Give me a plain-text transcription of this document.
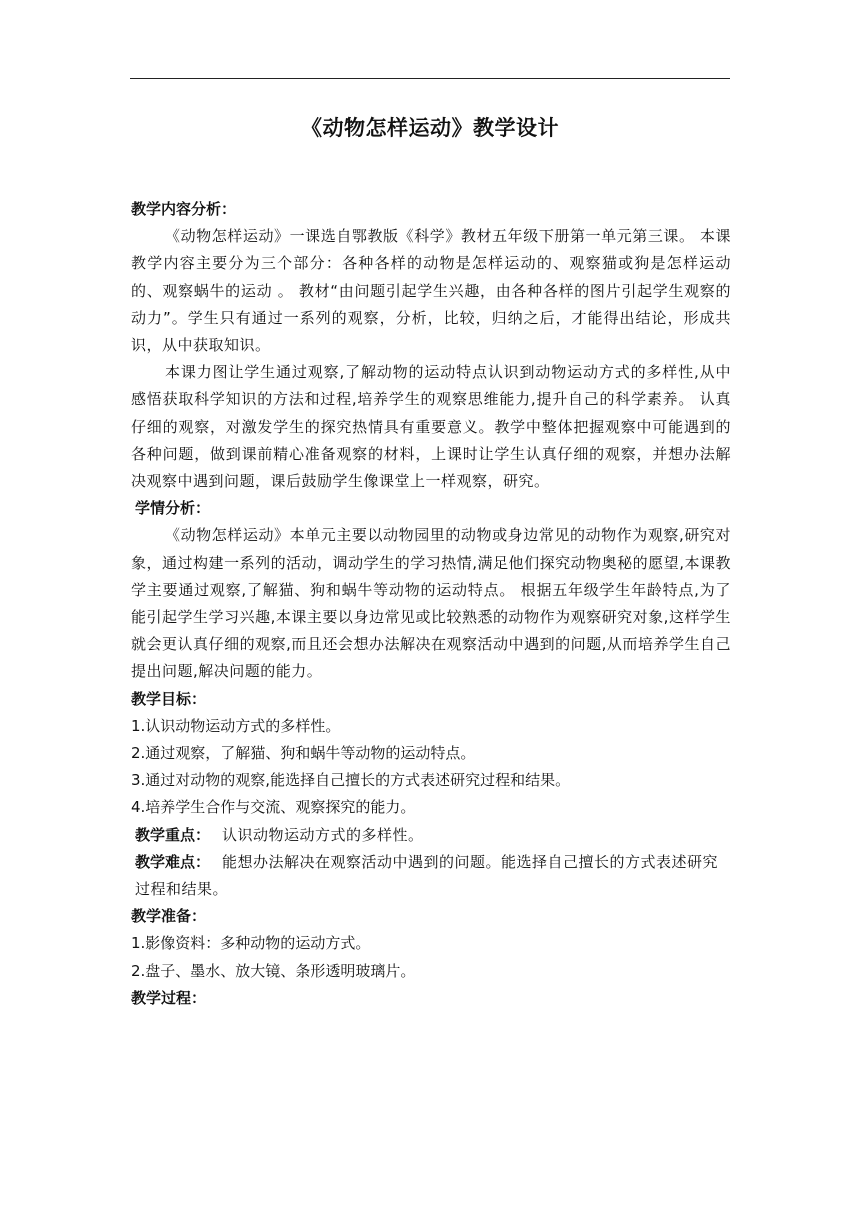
《动物怎样运动》教学设计

教学内容分析：

《动物怎样运动》一课选自鄂教版《科学》教材五年级下册第一单元第三课。 本课教学内容主要分为三个部分：各种各样的动物是怎样运动的、观察猫或狗是怎样运动的、观察蜗牛的运动 。 教材“由问题引起学生兴趣，由各种各样的图片引起学生观察的动力”。学生只有通过一系列的观察，分析，比较，归纳之后，才能得出结论，形成共识，从中获取知识。

本课力图让学生通过观察,了解动物的运动特点认识到动物运动方式的多样性,从中感悟获取科学知识的方法和过程,培养学生的观察思维能力,提升自己的科学素养。 认真仔细的观察，对激发学生的探究热情具有重要意义。教学中整体把握观察中可能遇到的各种问题，做到课前精心准备观察的材料，上课时让学生认真仔细的观察，并想办法解决观察中遇到问题，课后鼓励学生像课堂上一样观察，研究。

学情分析：

《动物怎样运动》本单元主要以动物园里的动物或身边常见的动物作为观察,研究对象，通过构建一系列的活动，调动学生的学习热情,满足他们探究动物奥秘的愿望,本课教学主要通过观察,了解猫、狗和蜗牛等动物的运动特点。 根据五年级学生年龄特点,为了能引起学生学习兴趣,本课主要以身边常见或比较熟悉的动物作为观察研究对象,这样学生就会更认真仔细的观察,而且还会想办法解决在观察活动中遇到的问题,从而培养学生自己提出问题,解决问题的能力。

教学目标：

1.认识动物运动方式的多样性。

2.通过观察，了解猫、狗和蜗牛等动物的运动特点。

3.通过对动物的观察,能选择自己擅长的方式表述研究过程和结果。

4.培养学生合作与交流、观察探究的能力。

教学重点： 认识动物运动方式的多样性。

教学难点： 能想办法解决在观察活动中遇到的问题。能选择自己擅长的方式表述研究过程和结果。

教学准备：

1.影像资料：多种动物的运动方式。

2.盘子、墨水、放大镜、条形透明玻璃片。

教学过程：
